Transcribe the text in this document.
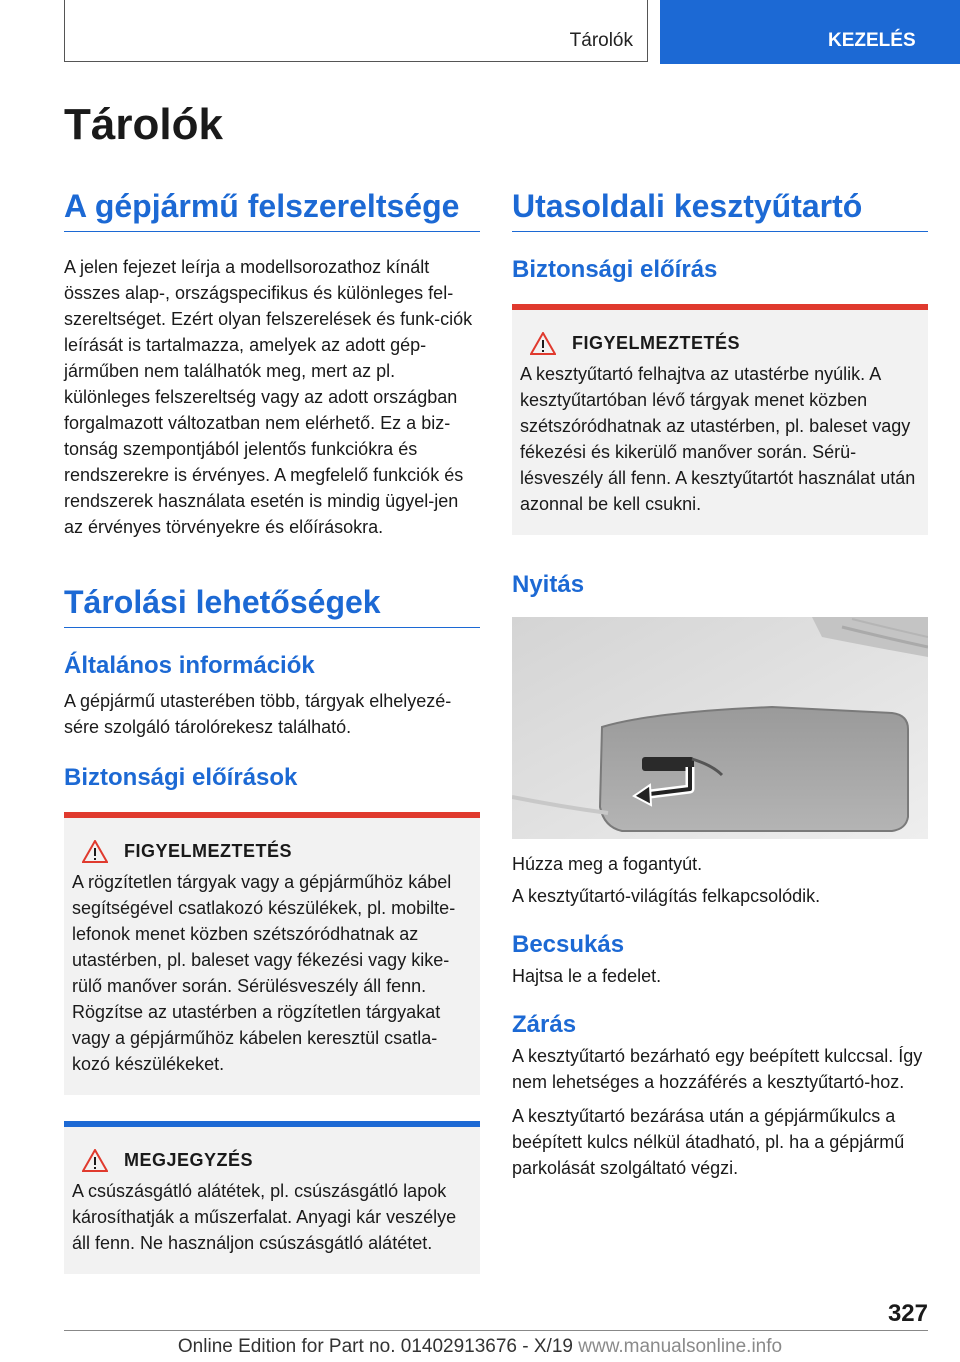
Tárolók	KEZELÉS
Tárolók
A gépjármű felszereltsége

A jelen fejezet leírja a modellsorozathoz kínált összes alap-, országspecifikus és különleges fel-szereltséget. Ezért olyan felszerelések és funk-ciók leírását is tartalmazza, amelyek az adott gép-járműben nem találhatók meg, mert az pl. különleges felszereltség vagy az adott országban forgalmazott változatban nem elérhető. Ez a biz-tonság szempontjából jelentős funkciókra és rendszerekre is érvényes. A megfelelő funkciók és rendszerek használata esetén is mindig ügyel-jen az érvényes törvényekre és előírásokra.

Tárolási lehetőségek
Általános információk

A gépjármű utasterében több, tárgyak elhelyezé-sére szolgáló tárolórekesz található.

Biztonsági előírások
FIGYELMEZTETÉS
A rögzítetlen tárgyak vagy a gépjárműhöz kábel segítségével csatlakozó készülékek, pl. mobilte-lefonok menet közben szétszóródhatnak az utastérben, pl. baleset vagy fékezési vagy kike-rülő manőver során. Sérülésveszély áll fenn. Rögzítse az utastérben a rögzítetlen tárgyakat vagy a gépjárműhöz kábelen keresztül csatla-kozó készülékeket.
MEGJEGYZÉS
A csúszásgátló alátétek, pl. csúszásgátló lapok károsíthatják a műszerfalat. Anyagi kár veszélye áll fenn. Ne használjon csúszásgátló alátétet.
Utasoldali kesztyűtartó
Biztonsági előírás
FIGYELMEZTETÉS
A kesztyűtartó felhajtva az utastérbe nyúlik. A kesztyűtartóban lévő tárgyak menet közben szétszóródhatnak az utastérben, pl. baleset vagy fékezési és kikerülő manőver során. Sérü-lésveszély áll fenn. A kesztyűtartót használat után azonnal be kell csukni.
Nyitás

Húzza meg a fogantyút.

A kesztyűtartó-világítás felkapcsolódik.

Becsukás

Hajtsa le a fedelet.

Zárás

A kesztyűtartó bezárható egy beépített kulccsal. Így nem lehetséges a hozzáférés a kesztyűtartó-hoz.

A kesztyűtartó bezárása után a gépjárműkulcs a beépített kulcs nélkül átadható, pl. ha a gépjármű parkolását szolgáltató végzi.

327
Online Edition for Part no. 01402913676 - X/19 www.manualsonline.info
